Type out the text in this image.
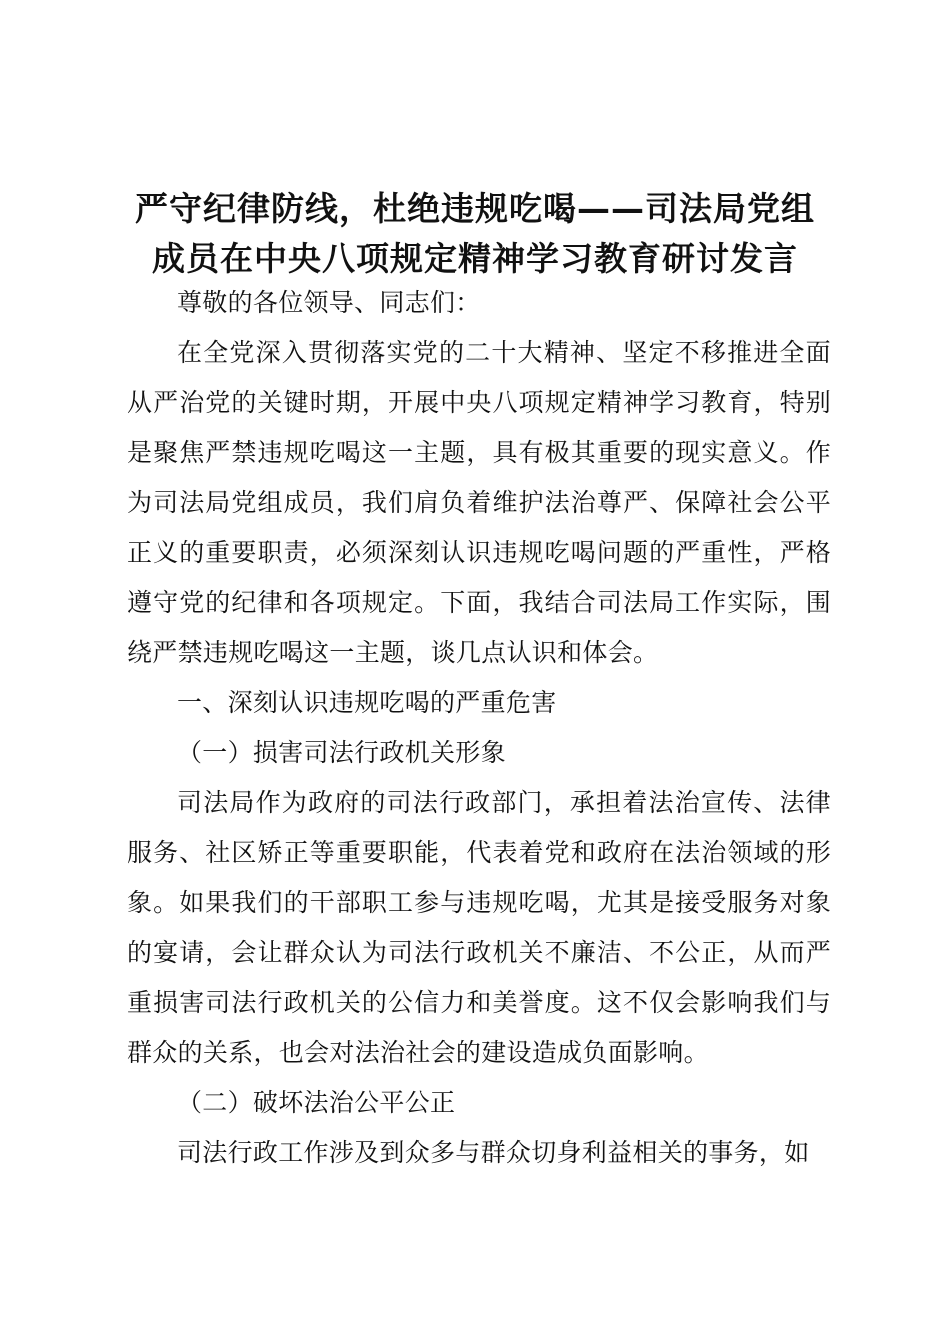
严守纪律防线，杜绝违规吃喝——司法局党组
成员在中央八项规定精神学习教育研讨发言

尊敬的各位领导、同志们：

在全党深入贯彻落实党的二十大精神、坚定不移推进全面从严治党的关键时期，开展中央八项规定精神学习教育，特别是聚焦严禁违规吃喝这一主题，具有极其重要的现实意义。作为司法局党组成员，我们肩负着维护法治尊严、保障社会公平正义的重要职责，必须深刻认识违规吃喝问题的严重性，严格遵守党的纪律和各项规定。下面，我结合司法局工作实际，围绕严禁违规吃喝这一主题，谈几点认识和体会。

一、深刻认识违规吃喝的严重危害

（一）损害司法行政机关形象

司法局作为政府的司法行政部门，承担着法治宣传、法律服务、社区矫正等重要职能，代表着党和政府在法治领域的形象。如果我们的干部职工参与违规吃喝，尤其是接受服务对象的宴请，会让群众认为司法行政机关不廉洁、不公正，从而严重损害司法行政机关的公信力和美誉度。这不仅会影响我们与群众的关系，也会对法治社会的建设造成负面影响。

（二）破坏法治公平公正

司法行政工作涉及到众多与群众切身利益相关的事务，如
